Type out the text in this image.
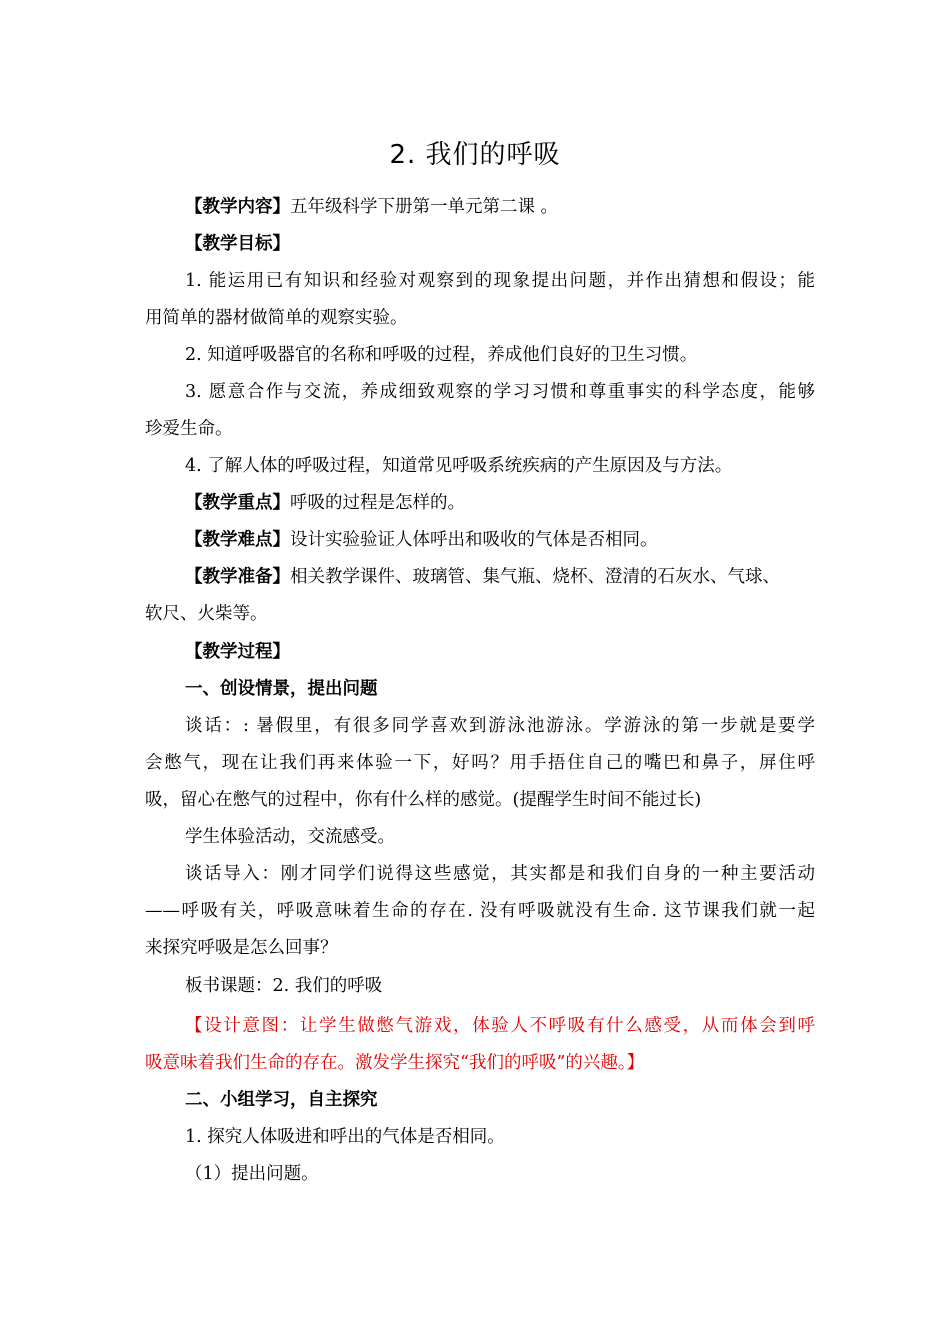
2. 我们的呼吸
【教学内容】五年级科学下册第一单元第二课 。
【教学目标】
1. 能运用已有知识和经验对观察到的现象提出问题，并作出猜想和假设；能
用简单的器材做简单的观察实验。
2. 知道呼吸器官的名称和呼吸的过程，养成他们良好的卫生习惯。
3. 愿意合作与交流，养成细致观察的学习习惯和尊重事实的科学态度，能够
珍爱生命。
4. 了解人体的呼吸过程，知道常见呼吸系统疾病的产生原因及与方法。
【教学重点】呼吸的过程是怎样的。
【教学难点】设计实验验证人体呼出和吸收的气体是否相同。
【教学准备】相关教学课件、玻璃管、集气瓶、烧杯、澄清的石灰水、气球、
软尺、火柴等。
【教学过程】
一、创设情景，提出问题
谈话：: 暑假里，有很多同学喜欢到游泳池游泳。学游泳的第一步就是要学
会憋气，现在让我们再来体验一下，好吗？用手捂住自己的嘴巴和鼻子，屏住呼
吸，留心在憋气的过程中，你有什么样的感觉。(提醒学生时间不能过长)
学生体验活动，交流感受。
谈话导入：刚才同学们说得这些感觉，其实都是和我们自身的一种主要活动
——呼吸有关，呼吸意味着生命的存在. 没有呼吸就没有生命. 这节课我们就一起
来探究呼吸是怎么回事？
板书课题：2. 我们的呼吸
【设计意图：让学生做憋气游戏，体验人不呼吸有什么感受，从而体会到呼
吸意味着我们生命的存在。激发学生探究“我们的呼吸”的兴趣。】
二、小组学习，自主探究
1. 探究人体吸进和呼出的气体是否相同。
（1）提出问题。
